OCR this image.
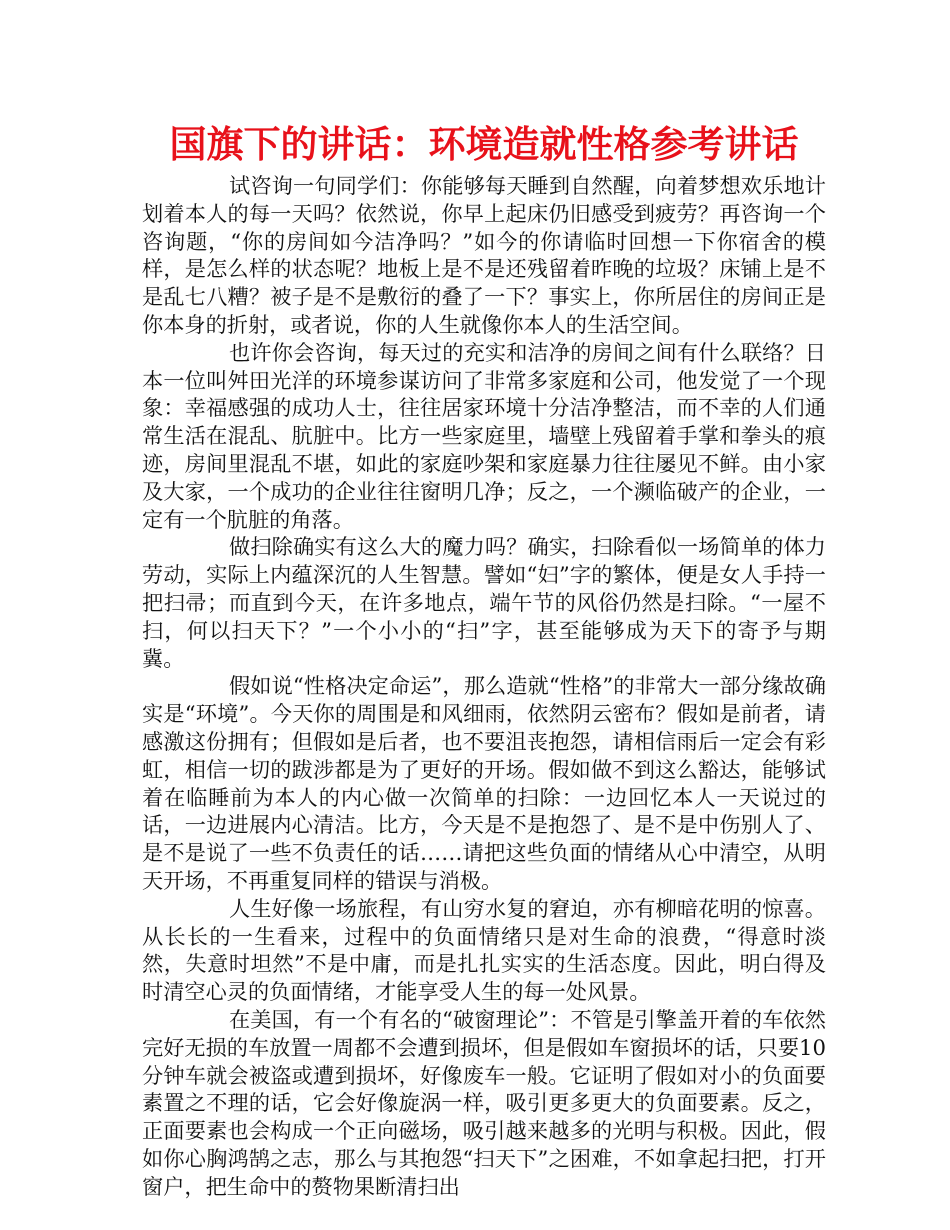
国旗下的讲话：环境造就性格参考讲话

试咨询一句同学们：你能够每天睡到自然醒，向着梦想欢乐地计划着本人的每一天吗？依然说，你早上起床仍旧感受到疲劳？再咨询一个咨询题，“你的房间如今洁净吗？”如今的你请临时回想一下你宿舍的模样，是怎么样的状态呢？地板上是不是还残留着昨晚的垃圾？床铺上是不是乱七八糟？被子是不是敷衍的叠了一下？事实上，你所居住的房间正是你本身的折射，或者说，你的人生就像你本人的生活空间。

也许你会咨询，每天过的充实和洁净的房间之间有什么联络？日本一位叫舛田光洋的环境参谋访问了非常多家庭和公司，他发觉了一个现象：幸福感强的成功人士，往往居家环境十分洁净整洁，而不幸的人们通常生活在混乱、肮脏中。比方一些家庭里，墙壁上残留着手掌和拳头的痕迹，房间里混乱不堪，如此的家庭吵架和家庭暴力往往屡见不鲜。由小家及大家，一个成功的企业往往窗明几净；反之，一个濒临破产的企业，一定有一个肮脏的角落。

做扫除确实有这么大的魔力吗？确实，扫除看似一场简单的体力劳动，实际上内蕴深沉的人生智慧。譬如“妇”字的繁体，便是女人手持一把扫帚；而直到今天，在许多地点，端午节的风俗仍然是扫除。“一屋不扫，何以扫天下？”一个小小的“扫”字，甚至能够成为天下的寄予与期冀。

假如说“性格决定命运”，那么造就“性格”的非常大一部分缘故确实是“环境”。今天你的周围是和风细雨，依然阴云密布？假如是前者，请感激这份拥有；但假如是后者，也不要沮丧抱怨，请相信雨后一定会有彩虹，相信一切的跋涉都是为了更好的开场。假如做不到这么豁达，能够试着在临睡前为本人的内心做一次简单的扫除：一边回忆本人一天说过的话，一边进展内心清洁。比方，今天是不是抱怨了、是不是中伤别人了、是不是说了一些不负责任的话……请把这些负面的情绪从心中清空，从明天开场，不再重复同样的错误与消极。

人生好像一场旅程，有山穷水复的窘迫，亦有柳暗花明的惊喜。从长长的一生看来，过程中的负面情绪只是对生命的浪费，“得意时淡然，失意时坦然”不是中庸，而是扎扎实实的生活态度。因此，明白得及时清空心灵的负面情绪，才能享受人生的每一处风景。

在美国，有一个有名的“破窗理论”：不管是引擎盖开着的车依然完好无损的车放置一周都不会遭到损坏，但是假如车窗损坏的话，只要10分钟车就会被盗或遭到损坏，好像废车一般。它证明了假如对小的负面要素置之不理的话，它会好像旋涡一样，吸引更多更大的负面要素。反之，正面要素也会构成一个正向磁场，吸引越来越多的光明与积极。因此，假如你心胸鸿鹄之志，那么与其抱怨“扫天下”之困难，不如拿起扫把，打开窗户，把生命中的赘物果断清扫出
